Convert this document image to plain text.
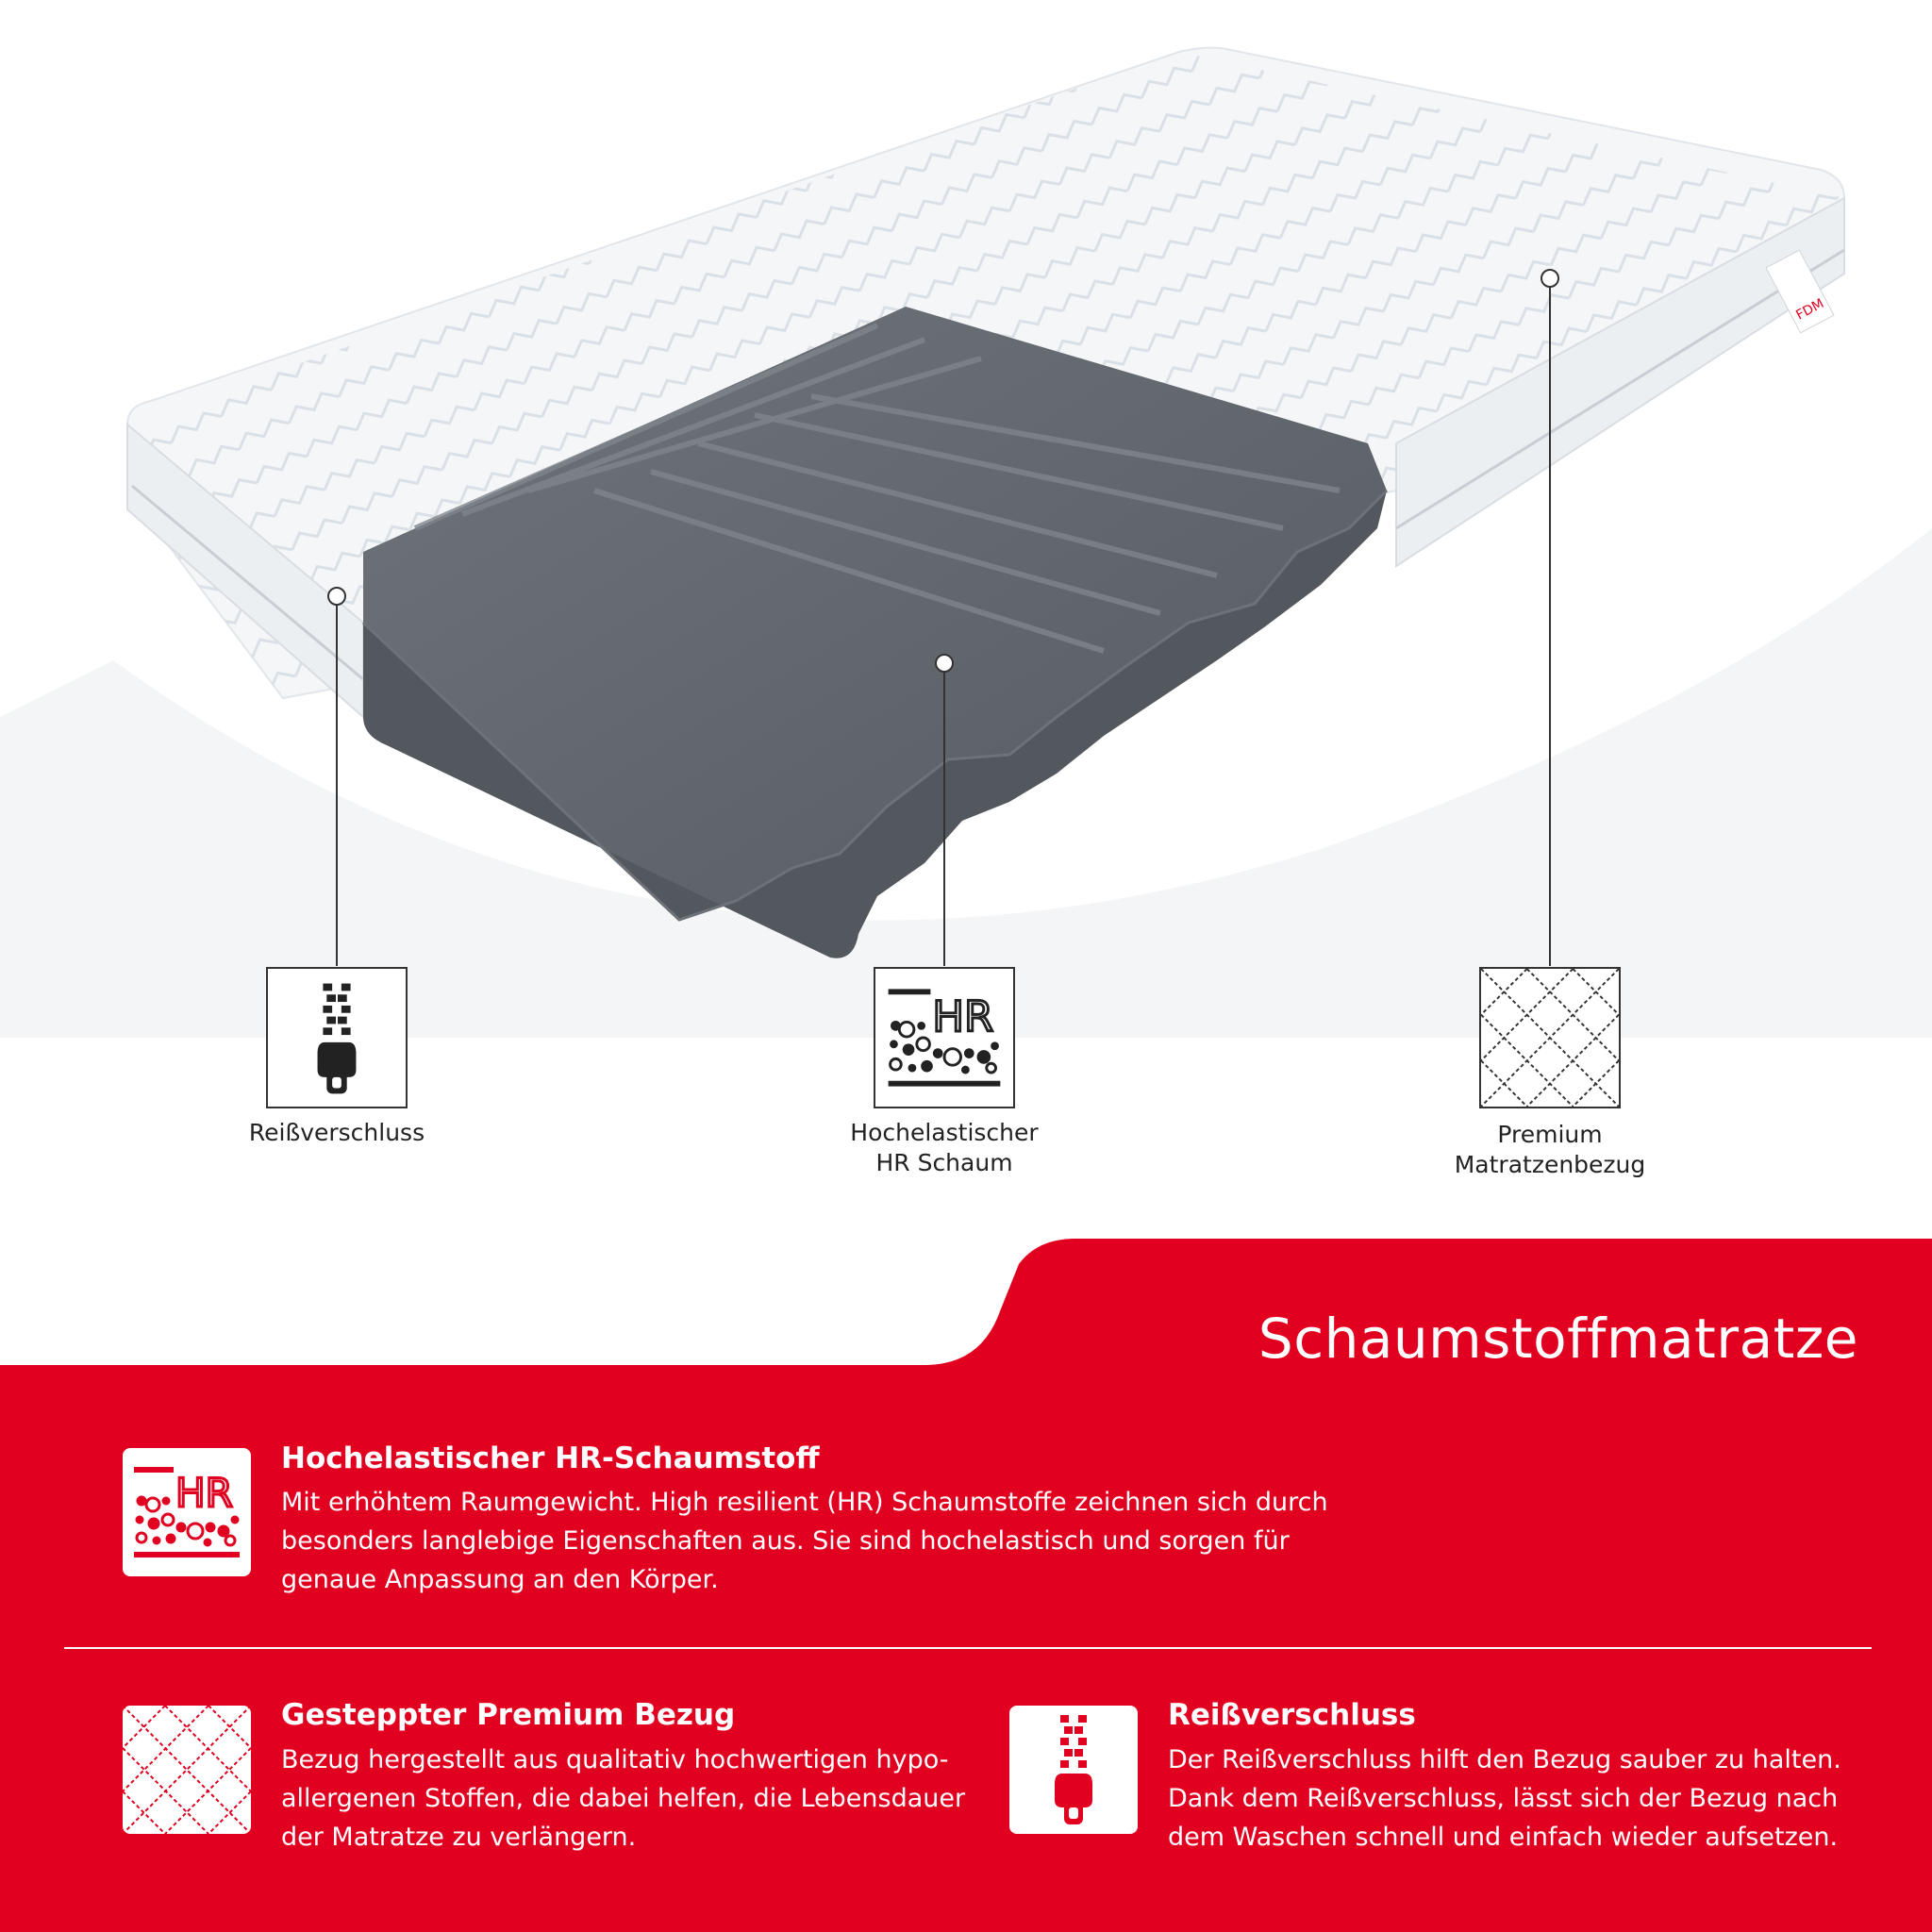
FDM
Reißverschluss
HR
Hochelastischer
HR Schaum
Premium
Matratzenbezug
Schaumstoffmatratze
HR
Hochelastischer HR-Schaumstoff
Mit erhöhtem Raumgewicht. High resilient (HR) Schaumstoffe zeichnen sich durch
besonders langlebige Eigenschaften aus. Sie sind hochelastisch und sorgen für
genaue Anpassung an den Körper.
Gesteppter Premium Bezug
Bezug hergestellt aus qualitativ hochwertigen hypo-
allergenen Stoffen, die dabei helfen, die Lebensdauer
der Matratze zu verlängern.
Reißverschluss
Der Reißverschluss hilft den Bezug sauber zu halten.
Dank dem Reißverschluss, lässt sich der Bezug nach
dem Waschen schnell und einfach wieder aufsetzen.
